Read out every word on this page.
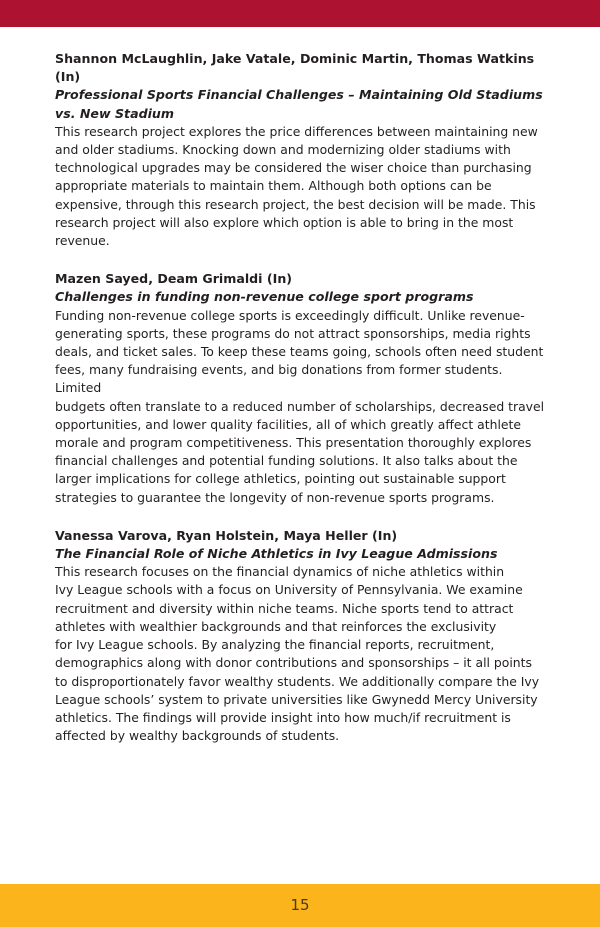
Shannon McLaughlin, Jake Vatale, Dominic Martin, Thomas Watkins (In)

Professional Sports Financial Challenges – Maintaining Old Stadiums vs. New Stadium

This research project explores the price differences between maintaining new
and older stadiums. Knocking down and modernizing older stadiums with
technological upgrades may be considered the wiser choice than purchasing
appropriate materials to maintain them. Although both options can be
expensive, through this research project, the best decision will be made. This
research project will also explore which option is able to bring in the most
revenue.

Mazen Sayed, Deam Grimaldi (In)

Challenges in funding non-revenue college sport programs

Funding non-revenue college sports is exceedingly difficult. Unlike revenue-
generating sports, these programs do not attract sponsorships, media rights
deals, and ticket sales. To keep these teams going, schools often need student
fees, many fundraising events, and big donations from former students. Limited
budgets often translate to a reduced number of scholarships, decreased travel
opportunities, and lower quality facilities, all of which greatly affect athlete
morale and program competitiveness. This presentation thoroughly explores
financial challenges and potential funding solutions. It also talks about the
larger implications for college athletics, pointing out sustainable support
strategies to guarantee the longevity of non-revenue sports programs.

Vanessa Varova, Ryan Holstein, Maya Heller (In)

The Financial Role of Niche Athletics in Ivy League Admissions

This research focuses on the financial dynamics of niche athletics within
Ivy League schools with a focus on University of Pennsylvania. We examine
recruitment and diversity within niche teams. Niche sports tend to attract
athletes with wealthier backgrounds and that reinforces the exclusivity
for Ivy League schools. By analyzing the financial reports, recruitment,
demographics along with donor contributions and sponsorships – it all points
to disproportionately favor wealthy students. We additionally compare the Ivy
League schools’ system to private universities like Gwynedd Mercy University
athletics. The findings will provide insight into how much/if recruitment is
affected by wealthy backgrounds of students.

15
